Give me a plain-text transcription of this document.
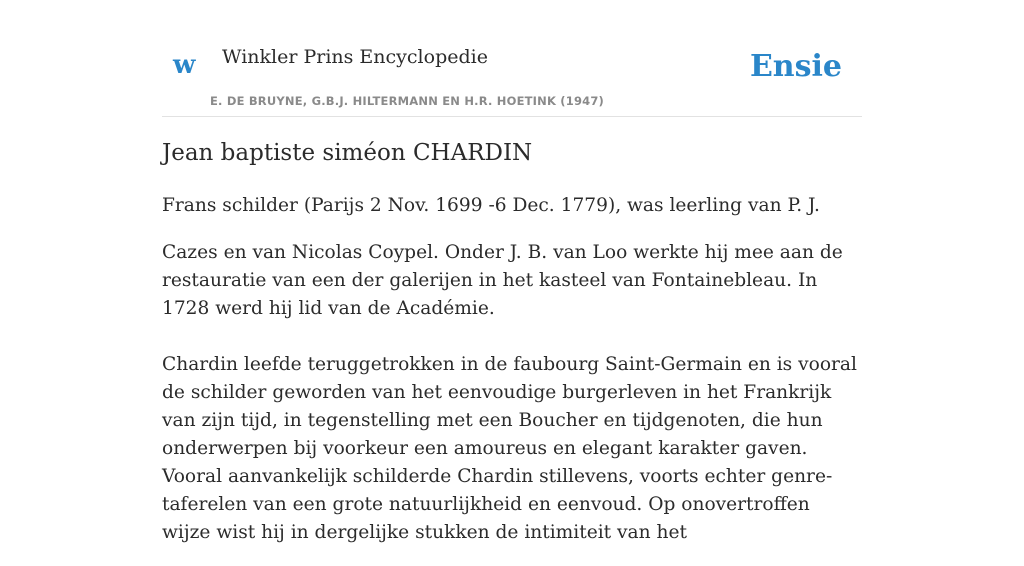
w Winkler Prins Encyclopedie
E. DE BRUYNE, G.B.J. HILTERMANN EN H.R. HOETINK (1947)
Ensie
Jean baptiste siméon CHARDIN

Frans schilder (Parijs 2 Nov. 1699 -6 Dec. 1779), was leerling van P. J.

Cazes en van Nicolas Coypel. Onder J. B. van Loo werkte hij mee aan de restauratie van een der galerijen in het kasteel van Fontainebleau. In 1728 werd hij lid van de Académie.

Chardin leefde teruggetrokken in de faubourg Saint-Germain en is vooral de schilder geworden van het eenvoudige burgerleven in het Frankrijk van zijn tijd, in tegenstelling met een Boucher en tijdgenoten, die hun onderwerpen bij voorkeur een amoureus en elegant karakter gaven. Vooral aanvankelijk schilderde Chardin stillevens, voorts echter genre-taferelen van een grote natuurlijkheid en eenvoud. Op onovertroffen wijze wist hij in dergelijke stukken de intimiteit van het
